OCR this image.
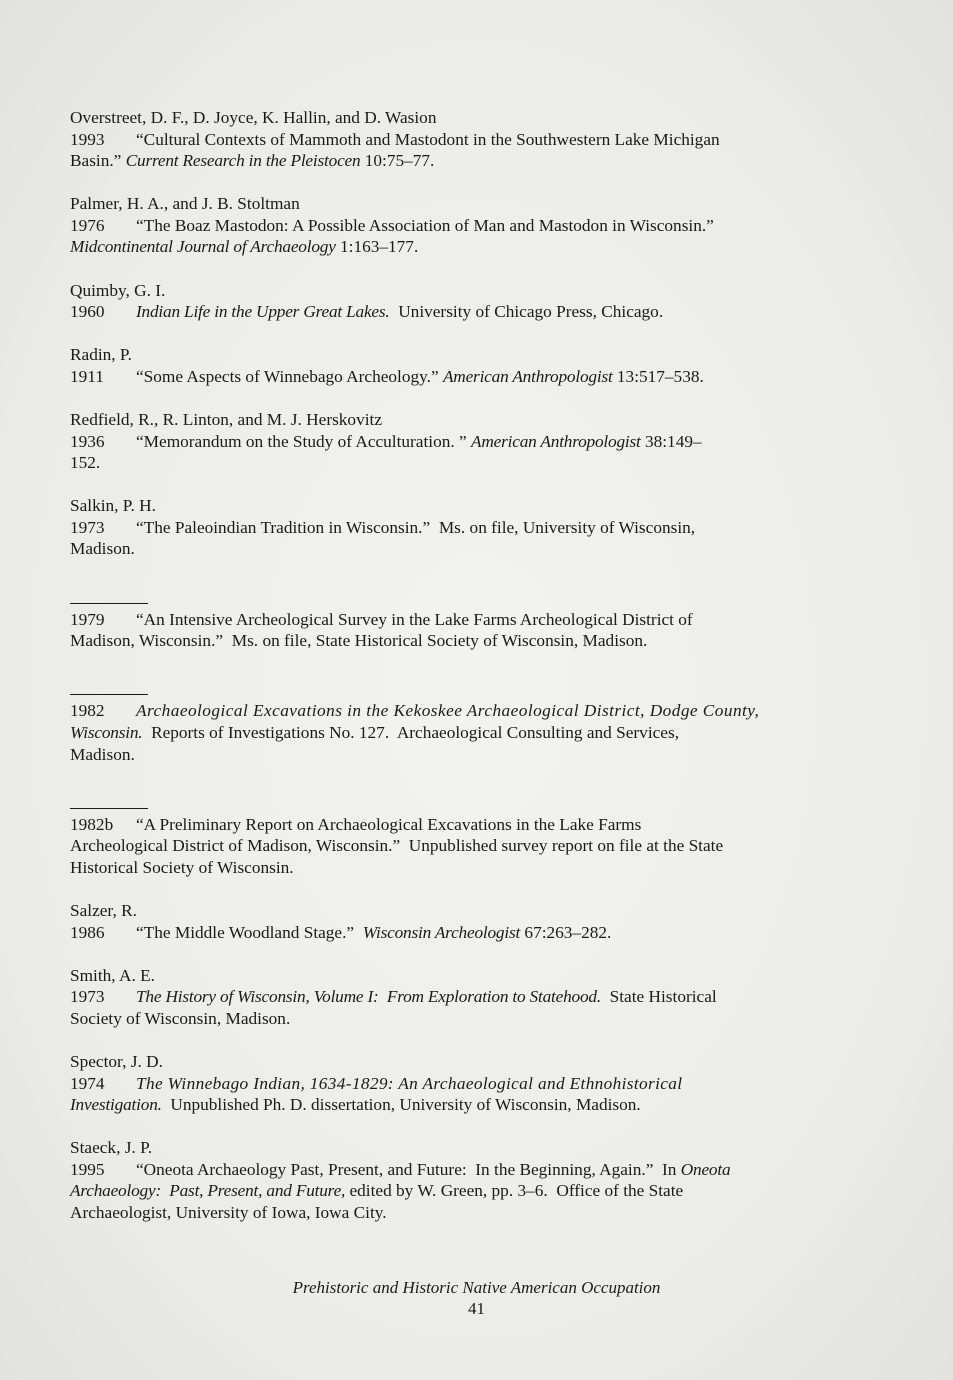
Overstreet, D. F., D. Joyce, K. Hallin, and D. Wasion
1993 “Cultural Contexts of Mammoth and Mastodont in the Southwestern Lake Michigan
Basin.” Current Research in the Pleistocen 10:75–77.
Palmer, H. A., and J. B. Stoltman
1976 “The Boaz Mastodon: A Possible Association of Man and Mastodon in Wisconsin.”
Midcontinental Journal of Archaeology 1:163–177.
Quimby, G. I.
1960 Indian Life in the Upper Great Lakes.  University of Chicago Press, Chicago.
Radin, P.
1911 “Some Aspects of Winnebago Archeology.” American Anthropologist 13:517–538.
Redfield, R., R. Linton, and M. J. Herskovitz
1936 “Memorandum on the Study of Acculturation. ” American Anthropologist 38:149–
152.
Salkin, P. H.
1973 “The Paleoindian Tradition in Wisconsin.”  Ms. on file, University of Wisconsin,
Madison.
1979 “An Intensive Archeological Survey in the Lake Farms Archeological District of
Madison, Wisconsin.”  Ms. on file, State Historical Society of Wisconsin, Madison.
1982 Archaeological Excavations in the Kekoskee Archaeological District, Dodge County,
Wisconsin.  Reports of Investigations No. 127.  Archaeological Consulting and Services,
Madison.
1982b “A Preliminary Report on Archaeological Excavations in the Lake Farms
Archeological District of Madison, Wisconsin.”  Unpublished survey report on file at the State
Historical Society of Wisconsin.
Salzer, R.
1986 “The Middle Woodland Stage.”  Wisconsin Archeologist 67:263–282.
Smith, A. E.
1973 The History of Wisconsin, Volume I:  From Exploration to Statehood.  State Historical
Society of Wisconsin, Madison.
Spector, J. D.
1974 The Winnebago Indian, 1634-1829: An Archaeological and Ethnohistorical
Investigation.  Unpublished Ph. D. dissertation, University of Wisconsin, Madison.
Staeck, J. P.
1995 “Oneota Archaeology Past, Present, and Future:  In the Beginning, Again.”  In Oneota
Archaeology:  Past, Present, and Future, edited by W. Green, pp. 3–6.  Office of the State
Archaeologist, University of Iowa, Iowa City.
Prehistoric and Historic Native American Occupation
41
